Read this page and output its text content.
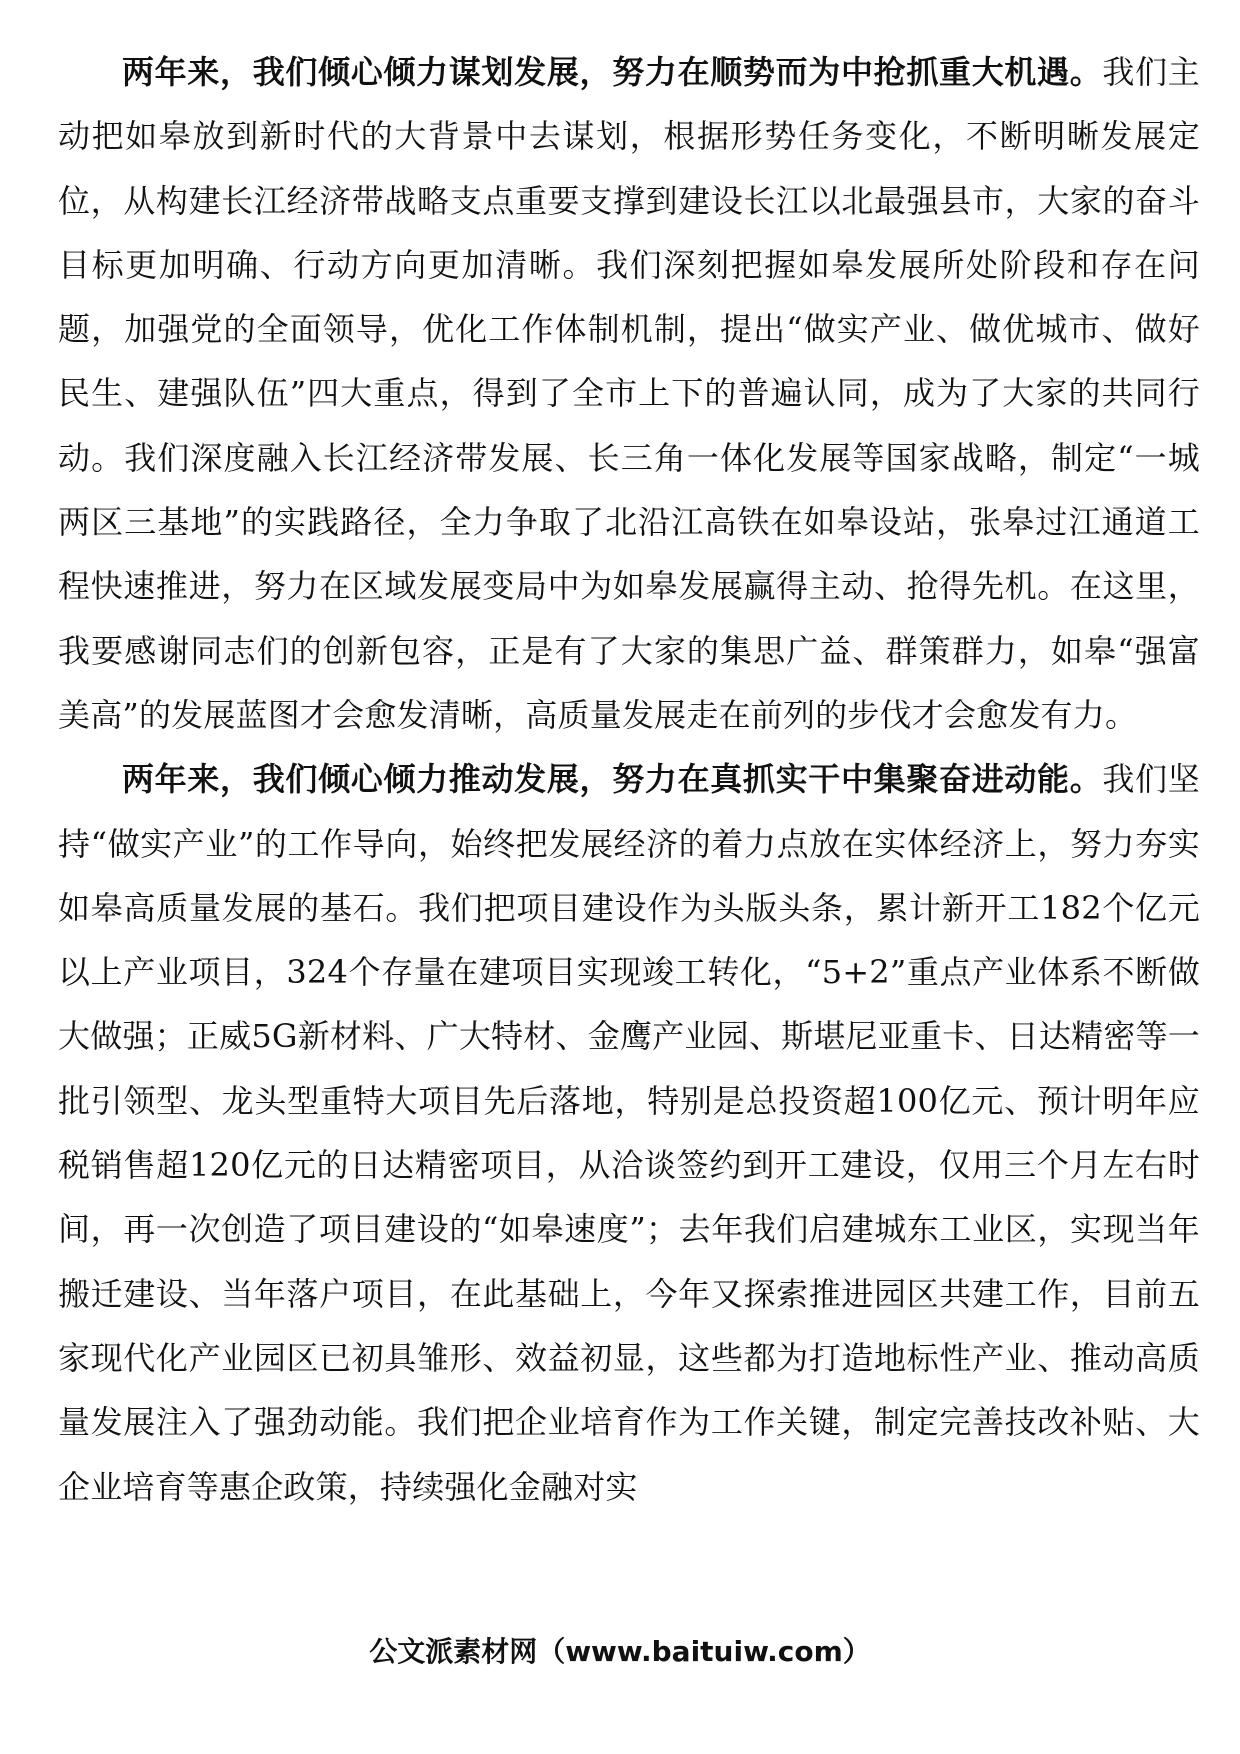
两年来，我们倾心倾力谋划发展，努力在顺势而为中抢抓重大机遇。我们主动把如皋放到新时代的大背景中去谋划，根据形势任务变化，不断明晰发展定位，从构建长江经济带战略支点重要支撑到建设长江以北最强县市，大家的奋斗目标更加明确、行动方向更加清晰。我们深刻把握如皋发展所处阶段和存在问题，加强党的全面领导，优化工作体制机制，提出“做实产业、做优城市、做好民生、建强队伍”四大重点，得到了全市上下的普遍认同，成为了大家的共同行动。我们深度融入长江经济带发展、长三角一体化发展等国家战略，制定“一城两区三基地”的实践路径，全力争取了北沿江高铁在如皋设站，张皋过江通道工程快速推进，努力在区域发展变局中为如皋发展赢得主动、抢得先机。在这里，我要感谢同志们的创新包容，正是有了大家的集思广益、群策群力，如皋“强富美高”的发展蓝图才会愈发清晰，高质量发展走在前列的步伐才会愈发有力。

两年来，我们倾心倾力推动发展，努力在真抓实干中集聚奋进动能。我们坚持“做实产业”的工作导向，始终把发展经济的着力点放在实体经济上，努力夯实如皋高质量发展的基石。我们把项目建设作为头版头条，累计新开工182个亿元以上产业项目，324个存量在建项目实现竣工转化，“5+2”重点产业体系不断做大做强；正威5G新材料、广大特材、金鹰产业园、斯堪尼亚重卡、日达精密等一批引领型、龙头型重特大项目先后落地，特别是总投资超100亿元、预计明年应税销售超120亿元的日达精密项目，从洽谈签约到开工建设，仅用三个月左右时间，再一次创造了项目建设的“如皋速度”；去年我们启建城东工业区，实现当年搬迁建设、当年落户项目，在此基础上，今年又探索推进园区共建工作，目前五家现代化产业园区已初具雏形、效益初显，这些都为打造地标性产业、推动高质量发展注入了强劲动能。我们把企业培育作为工作关键，制定完善技改补贴、大企业培育等惠企政策，持续强化金融对实

公文派素材网（www.baituiw.com）
